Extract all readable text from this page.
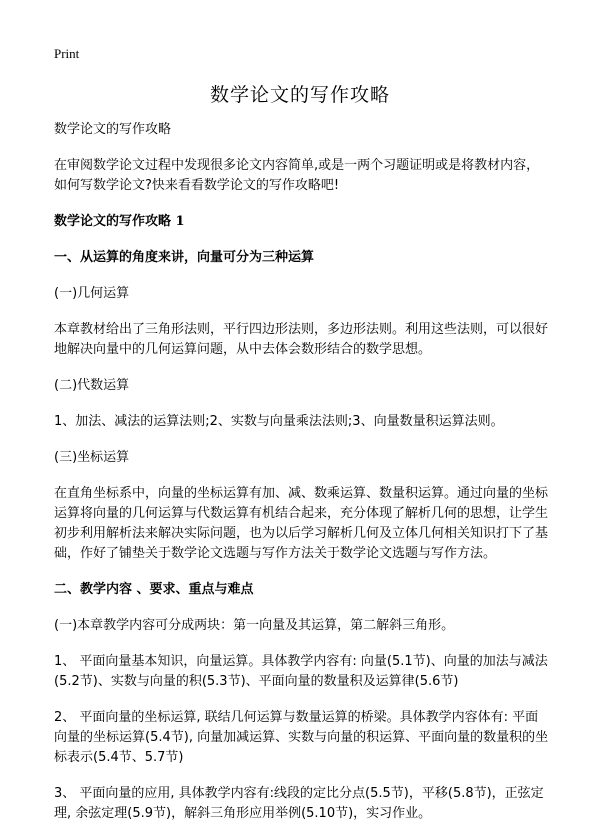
Print
数学论文的写作攻略

数学论文的写作攻略

在审阅数学论文过程中发现很多论文内容简单,或是一两个习题证明或是将教材内容，如何写数学论文?快来看看数学论文的写作攻略吧!

数学论文的写作攻略 1

一、从运算的角度来讲，向量可分为三种运算

(一)几何运算

本章教材给出了三角形法则，平行四边形法则，多边形法则。利用这些法则，可以很好地解决向量中的几何运算问题，从中去体会数形结合的数学思想。

(二)代数运算

1、加法、减法的运算法则;2、实数与向量乘法法则;3、向量数量积运算法则。

(三)坐标运算

在直角坐标系中，向量的坐标运算有加、减、数乘运算、数量积运算。通过向量的坐标运算将向量的几何运算与代数运算有机结合起来，充分体现了解析几何的思想，让学生初步利用解析法来解决实际问题，也为以后学习解析几何及立体几何相关知识打下了基础，作好了铺垫关于数学论文选题与写作方法关于数学论文选题与写作方法。

二、教学内容 、要求、重点与难点

(一)本章教学内容可分成两块：第一向量及其运算，第二解斜三角形。

1、 平面向量基本知识，向量运算。具体教学内容有: 向量(5.1节)、向量的加法与减法(5.2节)、实数与向量的积(5.3节)、平面向量的数量积及运算律(5.6节)

2、 平面向量的坐标运算, 联结几何运算与数量运算的桥梁。具体教学内容体有: 平面向量的坐标运算(5.4节), 向量加减运算、实数与向量的积运算、平面向量的数量积的坐标表示(5.4节、5.7节)

3、 平面向量的应用, 具体教学内容有:线段的定比分点(5.5节)，平移(5.8节)，正弦定理, 余弦定理(5.9节)，解斜三角形应用举例(5.10节)，实习作业。
